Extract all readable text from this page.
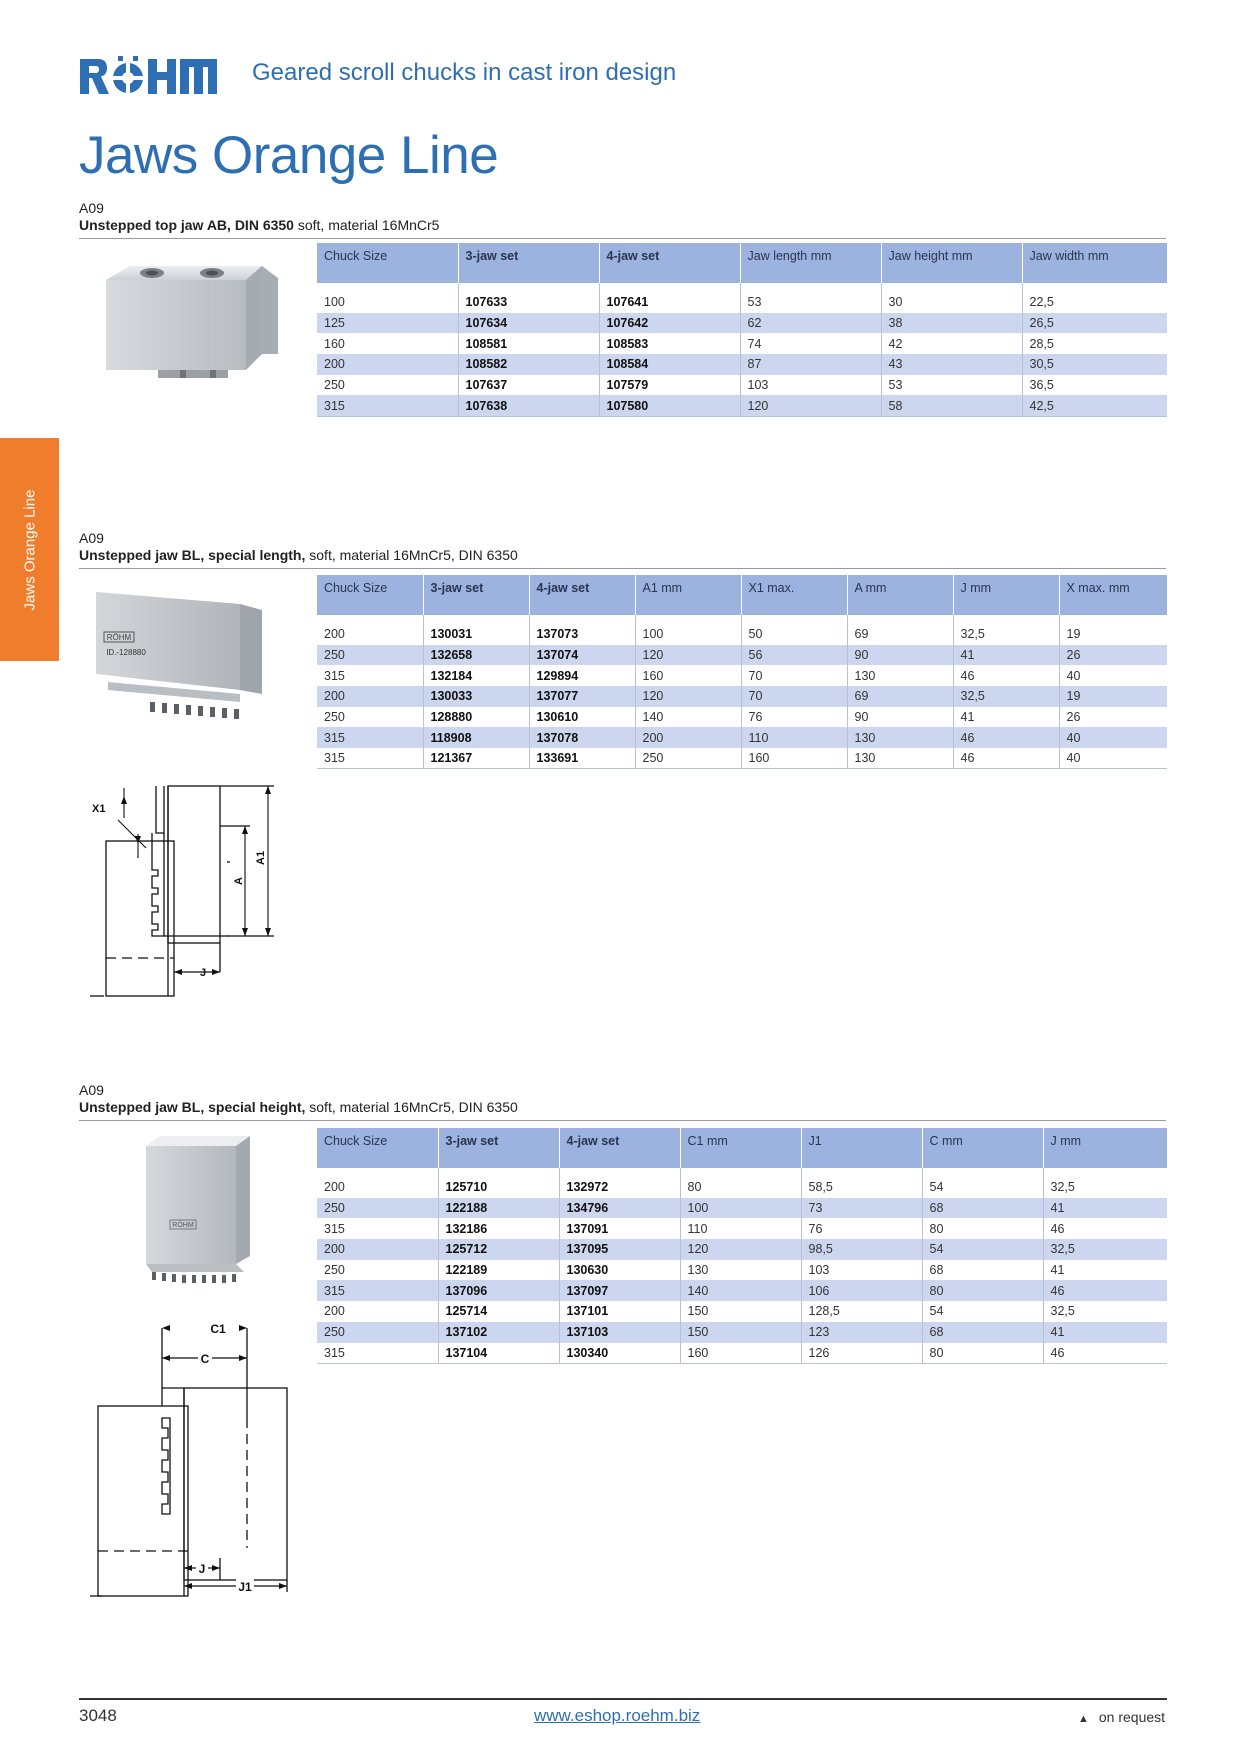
Geared scroll chucks in cast iron design
Jaws Orange Line
Jaws Orange Line
A09
Unstepped top jaw AB, DIN 6350 soft, material 16MnCr5
Chuck Size	3-jaw set	4-jaw set	Jaw length mm	Jaw height mm	Jaw width mm

100	107633	107641	53	30	22,5
125	107634	107642	62	38	26,5
160	108581	108583	74	42	28,5
200	108582	108584	87	43	30,5
250	107637	107579	103	53	36,5
315	107638	107580	120	58	42,5
A09
Unstepped jaw BL, special length, soft, material 16MnCr5, DIN 6350
RÖHM
ID.-128880
Chuck Size	3-jaw set	4-jaw set	A1 mm	X1 max.	A mm	J mm	X max. mm

200	130031	137073	100	50	69	32,5	19
250	132658	137074	120	56	90	41	26
315	132184	129894	160	70	130	46	40
200	130033	137077	120	70	69	32,5	19
250	128880	130610	140	76	90	41	26
315	118908	137078	200	110	130	46	40
315	121367	133691	250	160	130	46	40
X1
A
A1
J
A09
Unstepped jaw BL, special height, soft, material 16MnCr5, DIN 6350
RÖHM
Chuck Size	3-jaw set	4-jaw set	C1 mm	J1	C mm	J mm

200	125710	132972	80	58,5	54	32,5
250	122188	134796	100	73	68	41
315	132186	137091	110	76	80	46
200	125712	137095	120	98,5	54	32,5
250	122189	130630	130	103	68	41
315	137096	137097	140	106	80	46
200	125714	137101	150	128,5	54	32,5
250	137102	137103	150	123	68	41
315	137104	130340	160	126	80	46
C1
C
J
J1
3048	www.eshop.roehm.biz	▲ on request
